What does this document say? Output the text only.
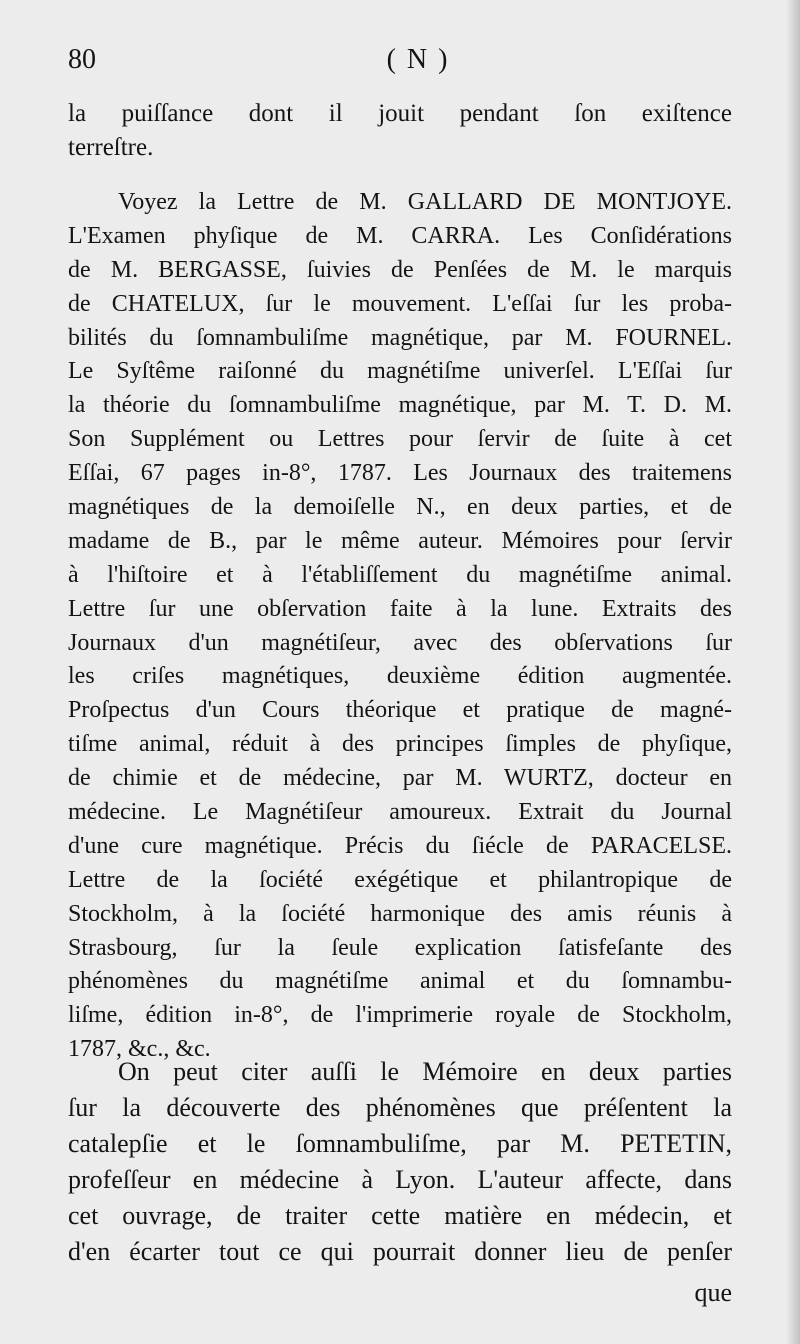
80	( N )
la puiſſance dont il jouit pendant ſon exiſtence
terreſtre.
Voyez la Lettre de M. GALLARD DE MONTJOYE.
L'Examen phyſique de M. CARRA. Les Conſidérations
de M. BERGASSE, ſuivies de Penſées de M. le marquis
de CHATELUX, ſur le mouvement. L'eſſai ſur les proba-
bilités du ſomnambuliſme magnétique, par M. FOURNEL.
Le Syſtême raiſonné du magnétiſme univerſel. L'Eſſai ſur
la théorie du ſomnambuliſme magnétique, par M. T. D. M.
Son Supplément ou Lettres pour ſervir de ſuite à cet
Eſſai, 67 pages in-8°, 1787. Les Journaux des traitemens
magnétiques de la demoiſelle N., en deux parties, et de
madame de B., par le même auteur. Mémoires pour ſervir
à l'hiſtoire et à l'établiſſement du magnétiſme animal.
Lettre ſur une obſervation faite à la lune. Extraits des
Journaux d'un magnétiſeur, avec des obſervations ſur
les criſes magnétiques, deuxième édition augmentée.
Proſpectus d'un Cours théorique et pratique de magné-
tiſme animal, réduit à des principes ſimples de phyſique,
de chimie et de médecine, par M. WURTZ, docteur en
médecine. Le Magnétiſeur amoureux. Extrait du Journal
d'une cure magnétique. Précis du ſiécle de PARACELSE.
Lettre de la ſociété exégétique et philantropique de
Stockholm, à la ſociété harmonique des amis réunis à
Strasbourg, ſur la ſeule explication ſatisfeſante des
phénomènes du magnétiſme animal et du ſomnambu-
liſme, édition in-8°, de l'imprimerie royale de Stockholm,
1787, &c., &c.
On peut citer auſſi le Mémoire en deux parties
ſur la découverte des phénomènes que préſentent la
catalepſie et le ſomnambuliſme, par M. PETETIN,
profeſſeur en médecine à Lyon. L'auteur affecte, dans
cet ouvrage, de traiter cette matière en médecin, et
d'en écarter tout ce qui pourrait donner lieu de penſer
que
